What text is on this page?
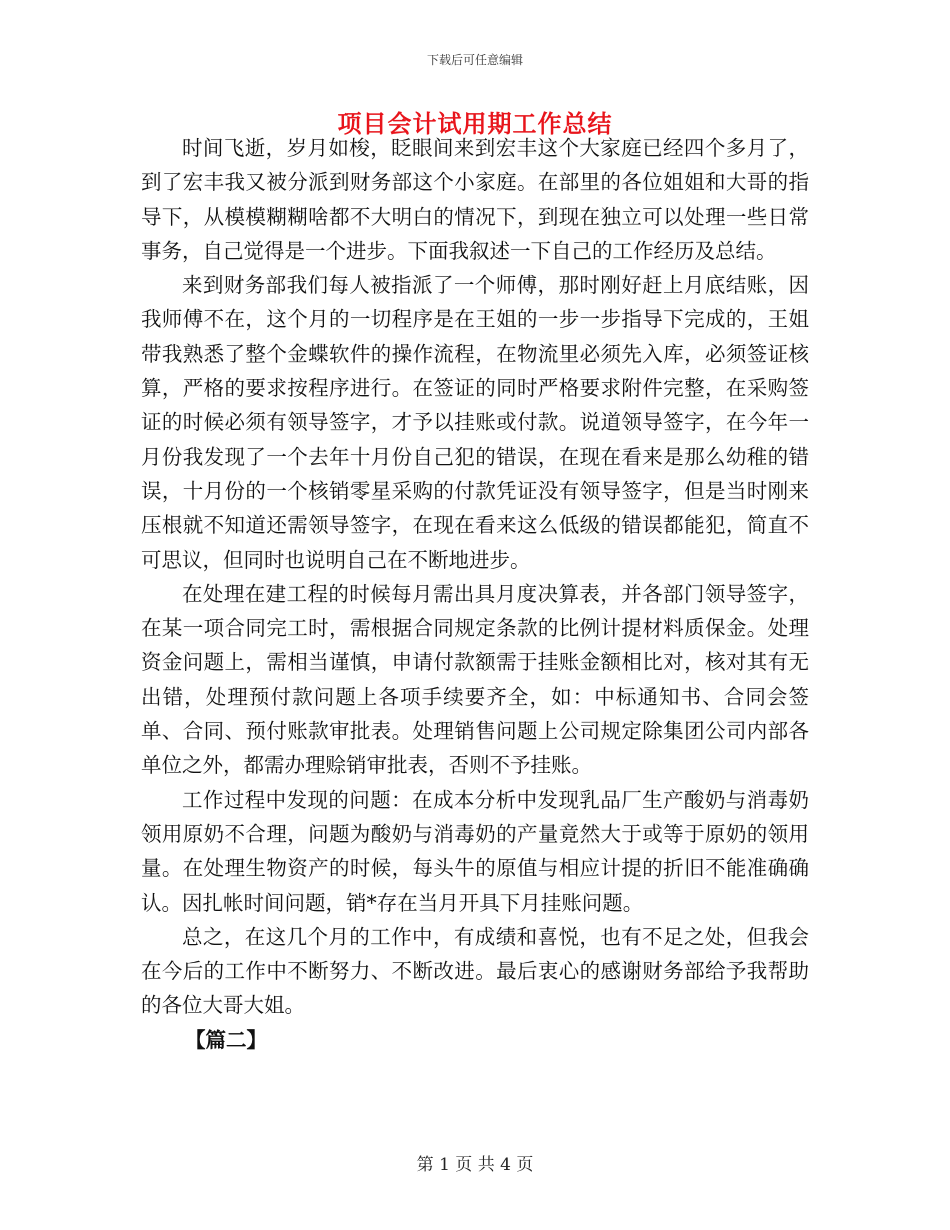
下载后可任意编辑
项目会计试用期工作总结

时间飞逝，岁月如梭，眨眼间来到宏丰这个大家庭已经四个多月了，到了宏丰我又被分派到财务部这个小家庭。在部里的各位姐姐和大哥的指导下，从模模糊糊啥都不大明白的情况下，到现在独立可以处理一些日常事务，自己觉得是一个进步。下面我叙述一下自己的工作经历及总结。

来到财务部我们每人被指派了一个师傅，那时刚好赶上月底结账，因我师傅不在，这个月的一切程序是在王姐的一步一步指导下完成的，王姐带我熟悉了整个金蝶软件的操作流程，在物流里必须先入库，必须签证核算，严格的要求按程序进行。在签证的同时严格要求附件完整，在采购签证的时候必须有领导签字，才予以挂账或付款。说道领导签字，在今年一月份我发现了一个去年十月份自己犯的错误，在现在看来是那么幼稚的错误，十月份的一个核销零星采购的付款凭证没有领导签字，但是当时刚来压根就不知道还需领导签字，在现在看来这么低级的错误都能犯，简直不可思议，但同时也说明自己在不断地进步。

在处理在建工程的时候每月需出具月度决算表，并各部门领导签字，在某一项合同完工时，需根据合同规定条款的比例计提材料质保金。处理资金问题上，需相当谨慎，申请付款额需于挂账金额相比对，核对其有无出错，处理预付款问题上各项手续要齐全，如：中标通知书、合同会签单、合同、预付账款审批表。处理销售问题上公司规定除集团公司内部各单位之外，都需办理赊销审批表，否则不予挂账。

工作过程中发现的问题：在成本分析中发现乳品厂生产酸奶与消毒奶领用原奶不合理，问题为酸奶与消毒奶的产量竟然大于或等于原奶的领用量。在处理生物资产的时候，每头牛的原值与相应计提的折旧不能准确确认。因扎帐时间问题，销*存在当月开具下月挂账问题。

总之，在这几个月的工作中，有成绩和喜悦，也有不足之处，但我会在今后的工作中不断努力、不断改进。最后衷心的感谢财务部给予我帮助的各位大哥大姐。

【篇二】

第 1 页 共 4 页
